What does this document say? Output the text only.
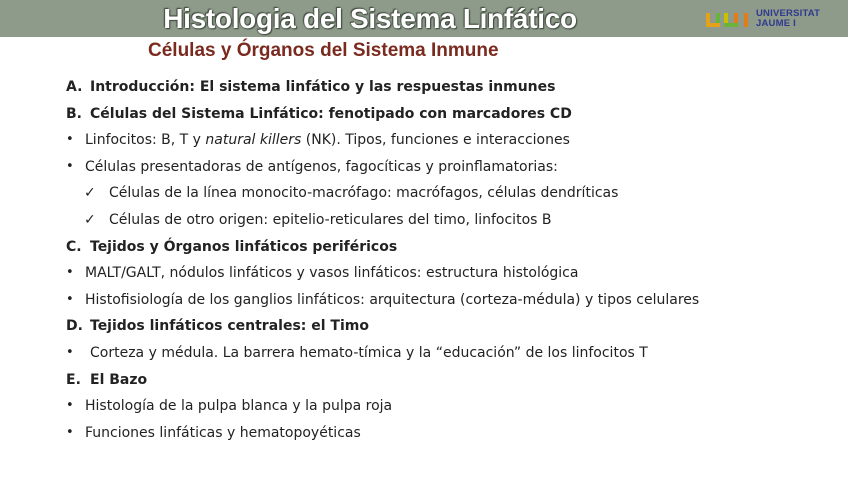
Histologia del Sistema Linfático	UNIVERSITAT
JAUME I
Células y Órganos del Sistema Inmune
A. Introducción: El sistema linfático y las respuestas inmunes
B. Células del Sistema Linfático: fenotipado con marcadores CD
• Linfocitos: B, T y natural killers (NK). Tipos, funciones e interacciones
• Células presentadoras de antígenos, fagocíticas y proinflamatorias:
✓ Células de la línea monocito-macrófago: macrófagos, células dendríticas
✓ Células de otro origen: epitelio-reticulares del timo, linfocitos B
C. Tejidos y Órganos linfáticos periféricos
• MALT/GALT, nódulos linfáticos y vasos linfáticos: estructura histológica
• Histofisiología de los ganglios linfáticos: arquitectura (corteza-médula) y tipos celulares
D. Tejidos linfáticos centrales: el Timo
• Corteza y médula. La barrera hemato-tímica y la “educación” de los linfocitos T
E. El Bazo
• Histología de la pulpa blanca y la pulpa roja
• Funciones linfáticas y hematopoyéticas
